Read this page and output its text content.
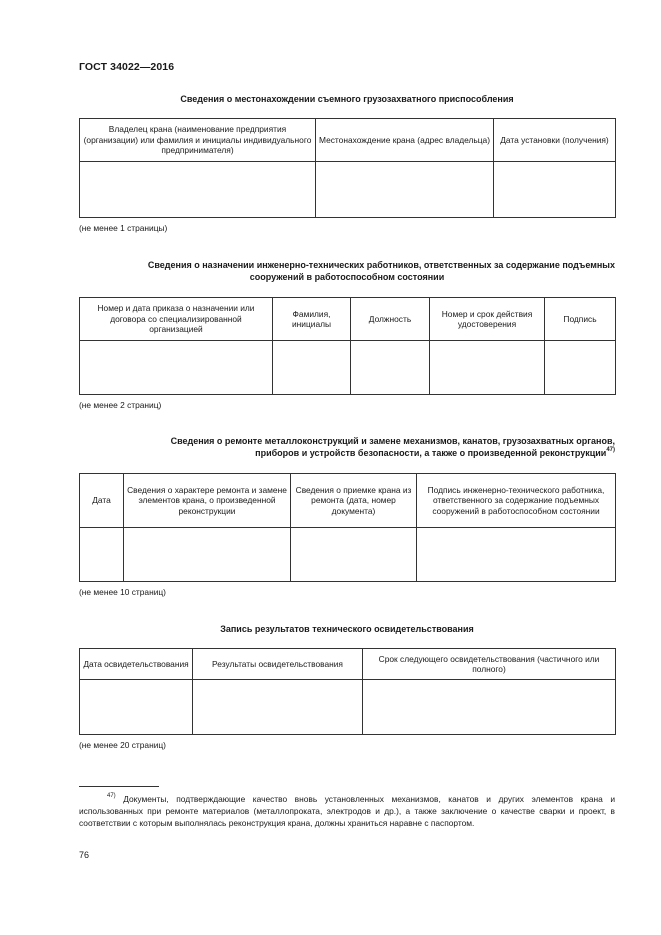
ГОСТ 34022—2016
Сведения о местонахождении съемного грузозахватного приспособления
Владелец крана (наименование предприятия (организации) или фамилия и инициалы индивидуального предпринимателя)	Местонахождение крана (адрес владельца)	Дата установки (получения)

(не менее 1 страницы)
Сведения о назначении инженерно-технических работников, ответственных за содержание подъемных
сооружений в работоспособном состоянии
Номер и дата приказа о назначении или договора со специализированной организацией	Фамилия, инициалы	Должность	Номер и срок действия удостоверения	Подпись

(не менее 2 страниц)
Сведения о ремонте металлоконструкций и замене механизмов, канатов, грузозахватных органов,
приборов и устройств безопасности, а также о произведенной реконструкции$^{47)}$
Дата	Сведения о характере ремонта и замене элементов крана, о произведенной реконструкции	Сведения о приемке крана из ремонта (дата, номер документа)	Подпись инженерно-технического работника, ответственного за содержание подъемных сооружений в работоспособном состоянии

(не менее 10 страниц)
Запись результатов технического освидетельствования
Дата освидетельствования	Результаты освидетельствования	Срок следующего освидетельствования (частичного или полного)

(не менее 20 страниц)
$^{47)}$ Документы, подтверждающие качество вновь установленных механизмов, канатов и других элементов крана и использованных при ремонте материалов (металлопроката, электродов и др.), а также заключение о качестве сварки и проект, в соответствии с которым выполнялась реконструкция крана, должны храниться наравне с паспортом.
76
